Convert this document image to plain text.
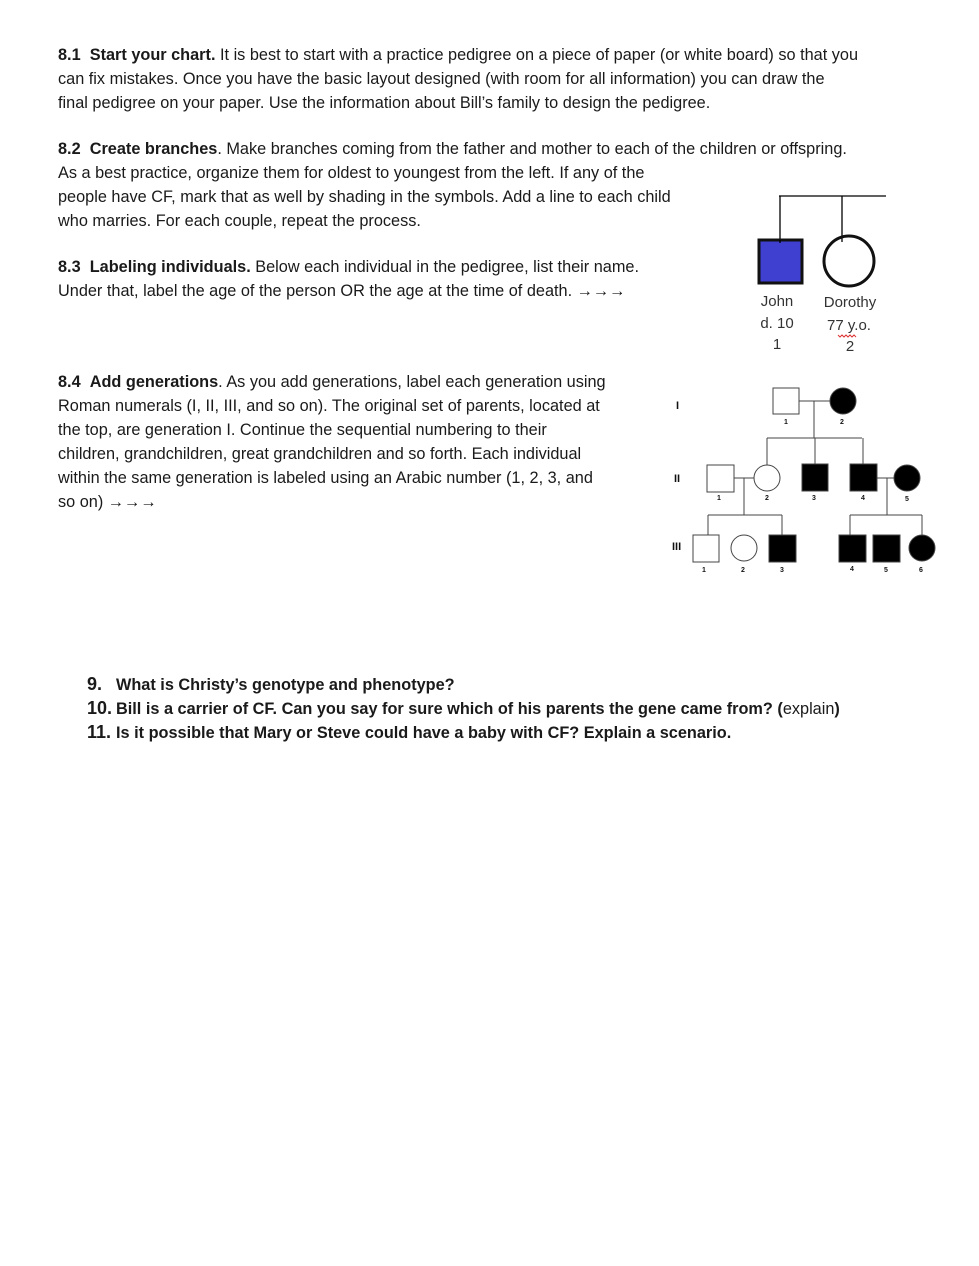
8.1 Start your chart. It is best to start with a practice pedigree on a piece of paper (or white board) so that you
can fix mistakes. Once you have the basic layout designed (with room for all information) you can draw the
final pedigree on your paper. Use the information about Bill’s family to design the pedigree.
8.2 Create branches. Make branches coming from the father and mother to each of the children or offspring.
As a best practice, organize them for oldest to youngest from the left. If any of the
people have CF, mark that as well by shading in the symbols. Add a line to each child
who marries. For each couple, repeat the process.
8.3 Labeling individuals. Below each individual in the pedigree, list their name.
Under that, label the age of the person OR the age at the time of death. →→→
8.4 Add generations. As you add generations, label each generation using
Roman numerals (I, II, III, and so on). The original set of parents, located at
the top, are generation I. Continue the sequential numbering to their
children, grandchildren, great grandchildren and so forth. Each individual
within the same generation is labeled using an Arabic number (1, 2, 3, and
so on) →→→
John
d. 10
1
Dorothy
77 y.o.
2
I
II
III
1	2
1	2	3	4	5
1	2	3	4	5	6
9. What is Christy’s genotype and phenotype?
10. Bill is a carrier of CF. Can you say for sure which of his parents the gene came from? (explain)
11. Is it possible that Mary or Steve could have a baby with CF? Explain a scenario.
